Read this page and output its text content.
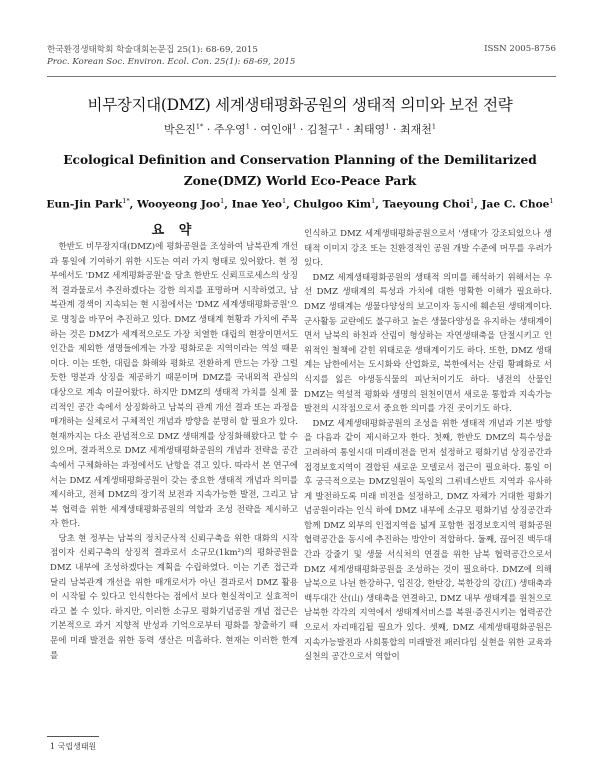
한국환경생태학회 학술대회논문집 25(1): 68-69, 2015
Proc. Korean Soc. Environ. Ecol. Con. 25(1): 68-69, 2015
ISSN 2005-8756
비무장지대(DMZ) 세계생태평화공원의 생태적 의미와 보전 전략
박은진$^{1*}$ · 주우영$^1$ · 여인애$^1$ · 김철구$^1$ · 최태영$^1$ · 최재천$^1$
Ecological Definition and Conservation Planning of the Demilitarized Zone(DMZ) World Eco-Peace Park
Eun-Jin Park$^{1*}$, Wooyeong Joo$^1$, Inae Yeo$^1$, Chulgoo Kim$^1$, Taeyoung Choi$^1$, Jae C. Choe$^1$

요 약

한반도 비무장지대(DMZ)에 평화공원을 조성하여 남북관계 개선과 통일에 기여하기 위한 시도는 여러 가지 형태로 있어왔다. 현 정부에서도 'DMZ 세계평화공원'을 당초 한반도 신뢰프로세스의 상징적 결과물로서 추진하겠다는 강한 의지를 표명하며 시작하였고, 남북관계 경색이 지속되는 현 시점에서는 'DMZ 세계생태평화공원'으로 명칭을 바꾸어 추진하고 있다. DMZ 생태계 현황과 가치에 주목하는 것은 DMZ가 세계적으로도 가장 치열한 대립의 현장이면서도 인간을 제외한 생명들에게는 가장 평화로운 지역이라는 역설 때문이다. 이는 또한, 대립을 화해와 평화로 전환하게 만드는 가장 그럴듯한 명분과 상징을 제공하기 때문이며 DMZ를 국내외적 관심의 대상으로 계속 이끌어왔다. 하지만 DMZ의 생태적 가치를 실제 물리적인 공간 속에서 상징화하고 남북의 관계 개선 결과 또는 과정을 매개하는 실체로서 구체적인 개념과 방향을 분명히 할 필요가 있다. 현재까지는 다소 관념적으로 DMZ 생태계를 상징화해왔다고 할 수 있으며, 결과적으로 DMZ 세계생태평화공원의 개념과 전략을 공간 속에서 구체화하는 과정에서도 난항을 겪고 있다. 따라서 본 연구에서는 DMZ 세계생태평화공원이 갖는 중요한 생태적 개념과 의미를 제시하고, 전체 DMZ의 장기적 보전과 지속가능한 발전, 그리고 남북 협력을 위한 세계생태평화공원의 역할과 조성 전략을 제시하고자 한다.

당초 현 정부는 남북의 정치군사적 신뢰구축을 위한 대화의 시작점이자 신뢰구축의 상징적 결과로서 소규모(1km²)의 평화공원을 DMZ 내부에 조성하겠다는 계획을 수립하였다. 이는 기존 접근과 달리 남북관계 개선을 위한 매개로서가 아닌 결과로서 DMZ 활용이 시작될 수 있다고 인식한다는 점에서 보다 현실적이고 실효적이라고 볼 수 있다. 하지만, 이러한 소규모 평화기념공원 개념 접근은 기본적으로 과거 지향적 반성과 기억으로부터 평화를 창출하기 때문에 미래 발전을 위한 동력 생산은 미흡하다. 현재는 이러한 한계를

인식하고 DMZ 세계생태평화공원으로서 '생태'가 강조되었으나 생태적 이미지 강조 또는 친환경적인 공원 개발 수준에 머무를 우려가 있다.

DMZ 세계생태평화공원의 생태적 의미를 해석하기 위해서는 우선 DMZ 생태계의 특성과 가치에 대한 명확한 이해가 필요하다. DMZ 생태계는 생물다양성의 보고이자 동시에 훼손된 생태계이다. 군사활동 교란에도 불구하고 높은 생물다양성을 유지하는 생태계이면서 남북의 하천과 산림이 형성하는 자연생태축을 단절시키고 인위적인 철책에 갇힌 위태로운 생태계이기도 하다. 또한, DMZ 생태계는 남한에서는 도시화와 산업화로, 북한에서는 산림 황폐화로 서식지를 잃은 야생동식물의 피난처이기도 하다. 냉전의 산물인 DMZ는 역설적 평화와 생명의 원천이면서 새로운 통합과 지속가능발전의 시작점으로서 중요한 의미를 가진 곳이기도 하다.

DMZ 세계생태평화공원의 조성을 위한 생태적 개념과 기본 방향을 다음과 같이 제시하고자 한다. 첫째, 한반도 DMZ의 특수성을 고려하여 통일시대 미래비전을 먼저 설정하고 평화기념 상징공간과 접경보호지역이 결합된 새로운 모델로서 접근이 필요하다. 통일 이후 궁극적으로는 DMZ일원이 독일의 그뤼네스반트 지역과 유사하게 발전하도록 미래 비전을 설정하고, DMZ 자체가 거대한 평화기념공원이라는 인식 하에 DMZ 내부에 소규모 평화기념 상징공간과 함께 DMZ 외부의 인접지역을 넓게 포함한 접경보호지역 평화공원 협력공간을 동시에 추진하는 방안이 적합하다. 둘째, 끊어진 백두대간과 강줄기 및 생물 서식처의 연결을 위한 남북 협력공간으로서 DMZ 세계생태평화공원을 조성하는 것이 필요하다. DMZ에 의해 남북으로 나뉜 한강하구, 임진강, 한탄강, 북한강의 강(江) 생태축과 백두대간 산(山) 생태축을 연결하고, DMZ 내부 생태계를 원천으로 남북한 각각의 지역에서 생태계서비스를 복원·증진시키는 협력공간으로서 자리매김될 필요가 있다. 셋째, DMZ 세계생태평화공원은 지속가능발전과 사회통합의 미래발전 패러다임 실현을 위한 교육과 실천의 공간으로서 역할이

1 국립생태원
